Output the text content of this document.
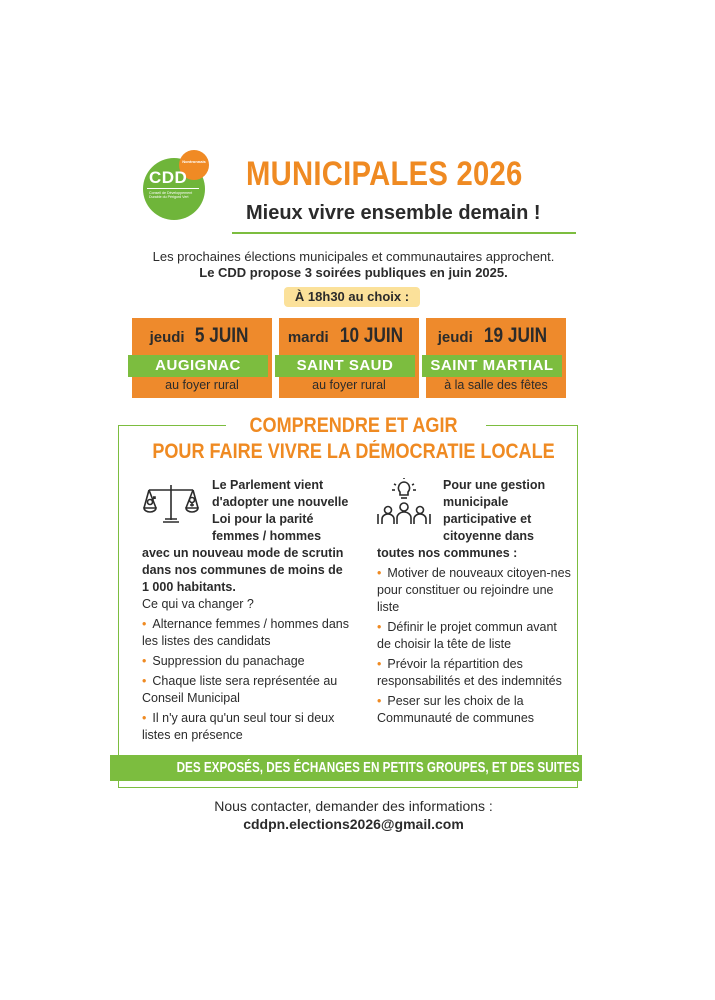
Nontronnais
CDD
Conseil de Développement Durable du Périgord Vert
MUNICIPALES 2026
Mieux vivre ensemble demain !
Les prochaines élections municipales et communautaires approchent.
Le CDD propose 3 soirées publiques en juin 2025.
À 18h30 au choix :
jeudi 5 JUIN
AUGIGNAC
au foyer rural
mardi 10 JUIN
SAINT SAUD
au foyer rural
jeudi 19 JUIN
SAINT MARTIAL
à la salle des fêtes
COMPRENDRE ET AGIR
POUR FAIRE VIVRE LA DÉMOCRATIE LOCALE
Le Parlement vient d'adopter une nouvelle Loi pour la parité femmes / hommes
avec un nouveau mode de scrutin dans nos communes de moins de 1 000 habitants.
Ce qui va changer ?
• Alternance femmes / hommes dans les listes des candidats
• Suppression du panachage
• Chaque liste sera représentée au Conseil Municipal
• Il n'y aura qu'un seul tour si deux listes en présence
Pour une gestion municipale participative et citoyenne dans
toutes nos communes :
• Motiver de nouveaux citoyen-nes pour constituer ou rejoindre une liste
• Définir le projet commun avant de choisir la tête de liste
• Prévoir la répartition des responsabilités et des indemnités
• Peser sur les choix de la Communauté de communes
DES EXPOSÉS, DES ÉCHANGES EN PETITS GROUPES, ET DES SUITES À DONNER.
Nous contacter, demander des informations :
cddpn.elections2026@gmail.com
